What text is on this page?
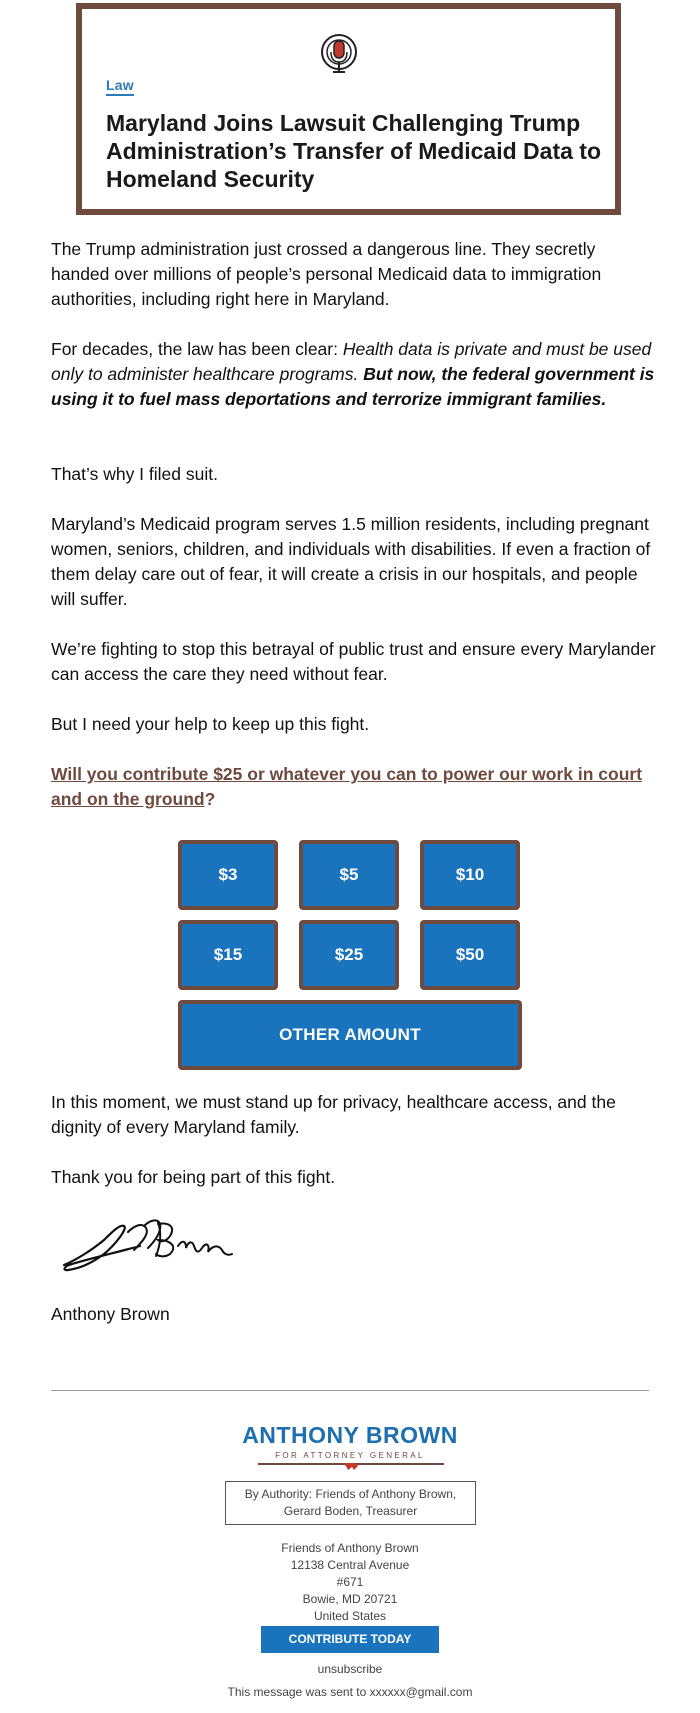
Law
Maryland Joins Lawsuit Challenging Trump Administration’s Transfer of Medicaid Data to Homeland Security

The Trump administration just crossed a dangerous line. They secretly handed over millions of people’s personal Medicaid data to immigration authorities, including right here in Maryland.

For decades, the law has been clear: Health data is private and must be used only to administer healthcare programs. But now, the federal government is using it to fuel mass deportations and terrorize immigrant families.

That’s why I filed suit.

Maryland’s Medicaid program serves 1.5 million residents, including pregnant women, seniors, children, and individuals with disabilities. If even a fraction of them delay care out of fear, it will create a crisis in our hospitals, and people will suffer.

We’re fighting to stop this betrayal of public trust and ensure every Marylander can access the care they need without fear.

But I need your help to keep up this fight.

Will you contribute $25 or whatever you can to power our work in court and on the ground?

$3	$5	$10
$15	$25	$50
OTHER AMOUNT

In this moment, we must stand up for privacy, healthcare access, and the dignity of every Maryland family.

Thank you for being part of this fight.

Anthony Brown

ANTHONY BROWN
FOR ATTORNEY GENERAL
By Authority: Friends of Anthony Brown,
Gerard Boden, Treasurer
Friends of Anthony Brown
12138 Central Avenue
#671
Bowie, MD 20721
United States
CONTRIBUTE TODAY
unsubscribe
This message was sent to xxxxxx@gmail.com
